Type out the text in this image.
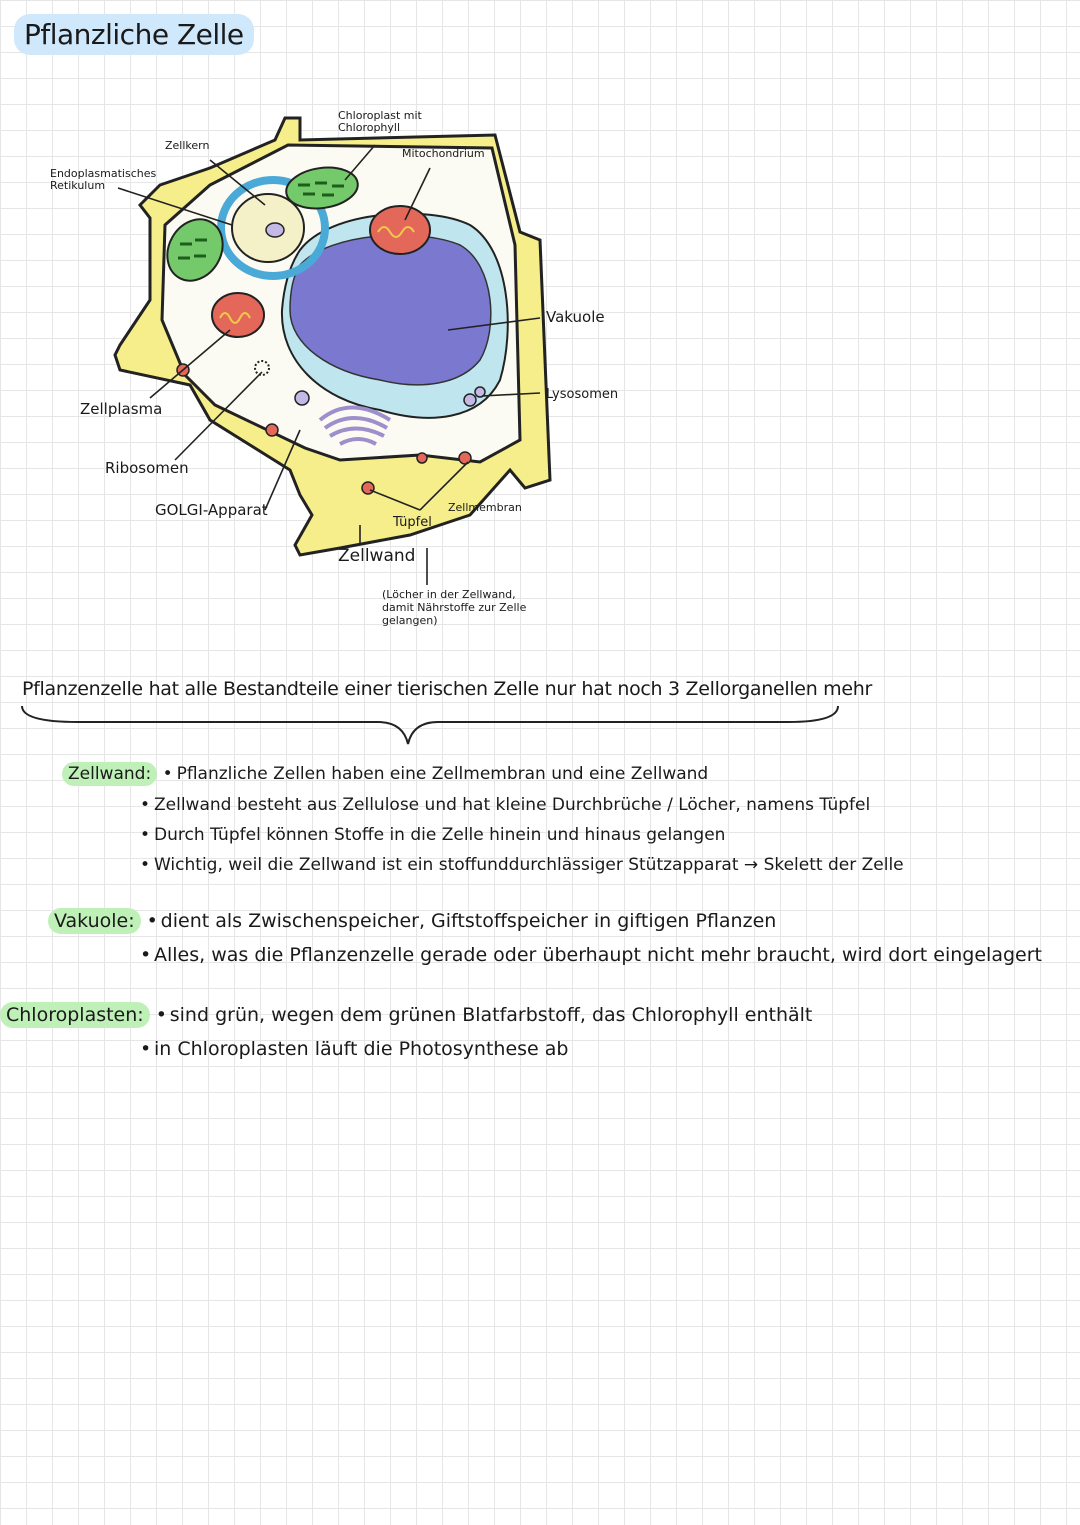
Pflanzliche Zelle
Zellkern
Endoplasmatisches Retikulum
Chloroplast mit Chlorophyll
Mitochondrium
Vakuole
Lysosomen
Zellplasma
Ribosomen
GOLGI-Apparat	Zellmembran
Tüpfel
Zellwand
(Löcher in der Zellwand, damit Nährstoffe zur Zelle gelangen)
Pflanzenzelle hat alle Bestandteile einer tierischen Zelle nur hat noch 3 Zellorganellen mehr
Zellwand: • Pflanzliche Zellen haben eine Zellmembran und eine Zellwand
• Zellwand besteht aus Zellulose und hat kleine Durchbrüche / Löcher, namens Tüpfel
• Durch Tüpfel können Stoffe in die Zelle hinein und hinaus gelangen
• Wichtig, weil die Zellwand ist ein stoffunddurchlässiger Stützapparat → Skelett der Zelle
Vakuole: • dient als Zwischenspeicher, Giftstoffspeicher in giftigen Pflanzen
• Alles, was die Pflanzenzelle gerade oder überhaupt nicht mehr braucht, wird dort eingelagert
Chloroplasten: • sind grün, wegen dem grünen Blatfarbstoff, das Chlorophyll enthält
• in Chloroplasten läuft die Photosynthese ab
